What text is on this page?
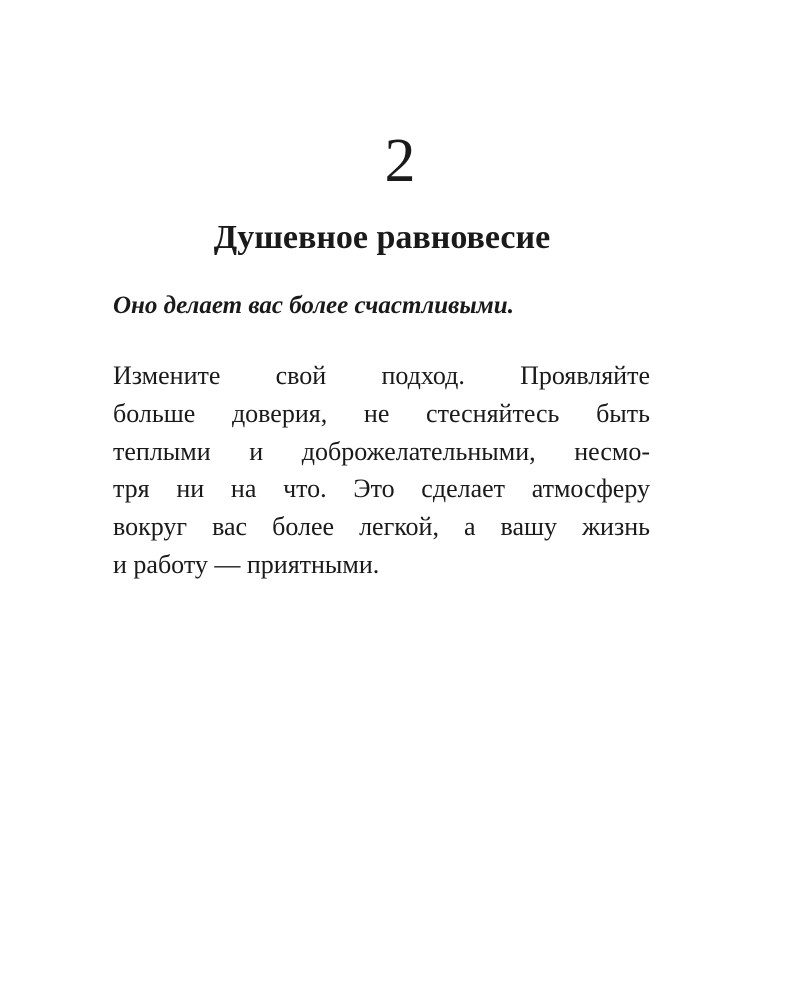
2
Душевное равновесие
Оно делает вас более счастливыми.
Измените свой подход. Проявляйте
больше доверия, не стесняйтесь быть
теплыми и доброжелательными, несмо-
тря ни на что. Это сделает атмосферу
вокруг вас более легкой, а вашу жизнь
и работу — приятными.
